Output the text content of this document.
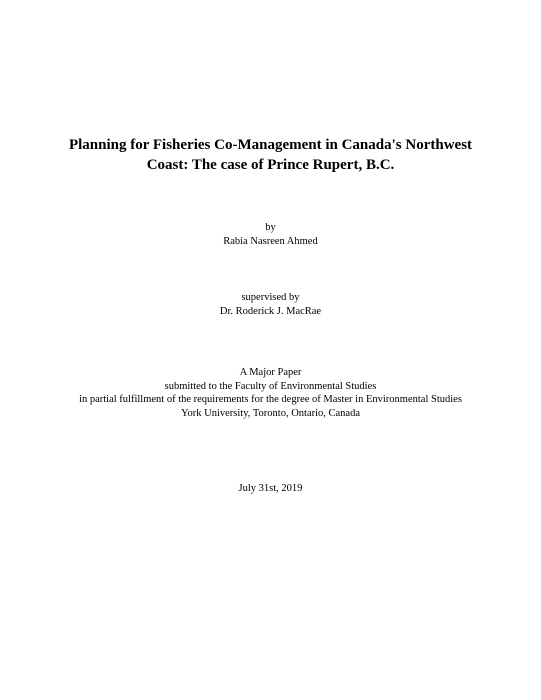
Planning for Fisheries Co-Management in Canada's Northwest
Coast: The case of Prince Rupert, B.C.
by
Rabia Nasreen Ahmed
supervised by
Dr. Roderick J. MacRae
A Major Paper
submitted to the Faculty of Environmental Studies
in partial fulfillment of the requirements for the degree of Master in Environmental Studies
York University, Toronto, Ontario, Canada
July 31st, 2019
